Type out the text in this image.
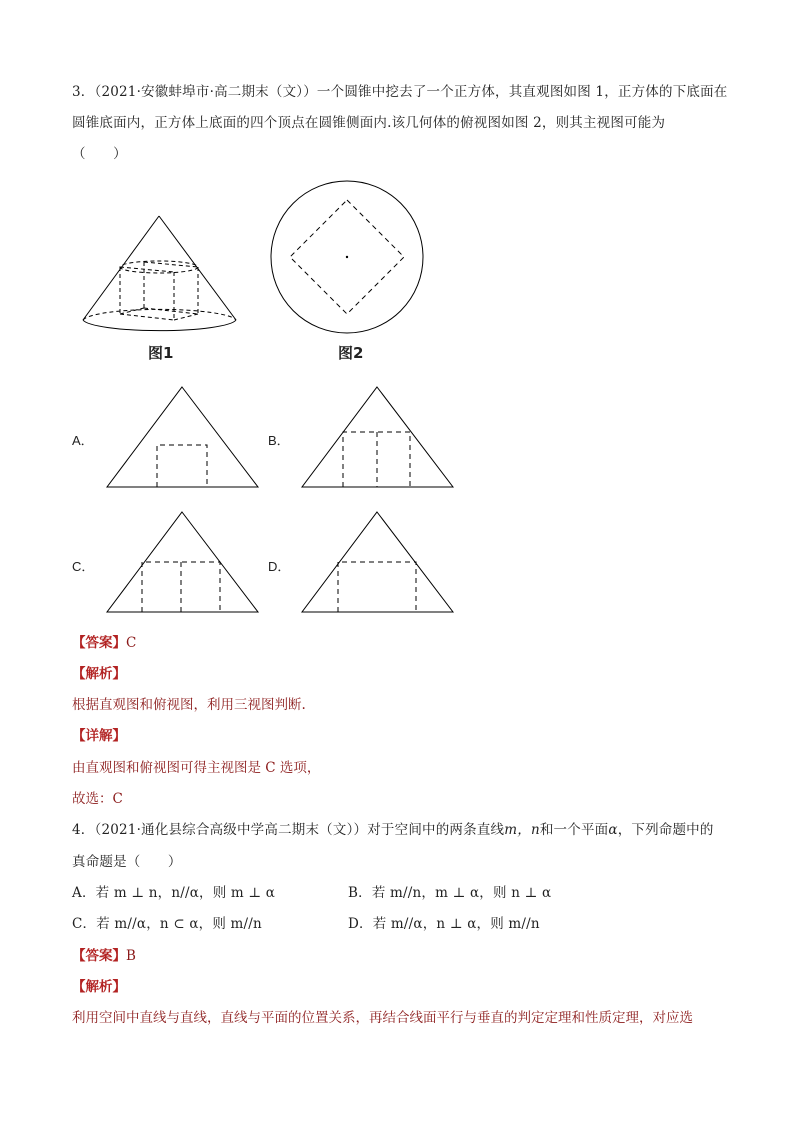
3．（2021·安徽蚌埠市·高二期末（文））一个圆锥中挖去了一个正方体，其直观图如图 1，正方体的下底面在
圆锥底面内，正方体上底面的四个顶点在圆锥侧面内.该几何体的俯视图如图 2，则其主视图可能为
（　　）
图1	图2
A．	B．
C．	D．
【答案】C
【解析】
根据直观图和俯视图，利用三视图判断.
【详解】
由直观图和俯视图可得主视图是 C 选项，
故选：C
4．（2021·通化县综合高级中学高二期末（文））对于空间中的两条直线m，n和一个平面α，下列命题中的
真命题是（　　）
A．若 m ⊥ n，n//α，则 m ⊥ α	B．若 m//n，m ⊥ α，则 n ⊥ α
C．若 m//α，n ⊂ α，则 m//n	D．若 m//α，n ⊥ α，则 m//n
【答案】B
【解析】
利用空间中直线与直线，直线与平面的位置关系，再结合线面平行与垂直的判定定理和性质定理，对应选
